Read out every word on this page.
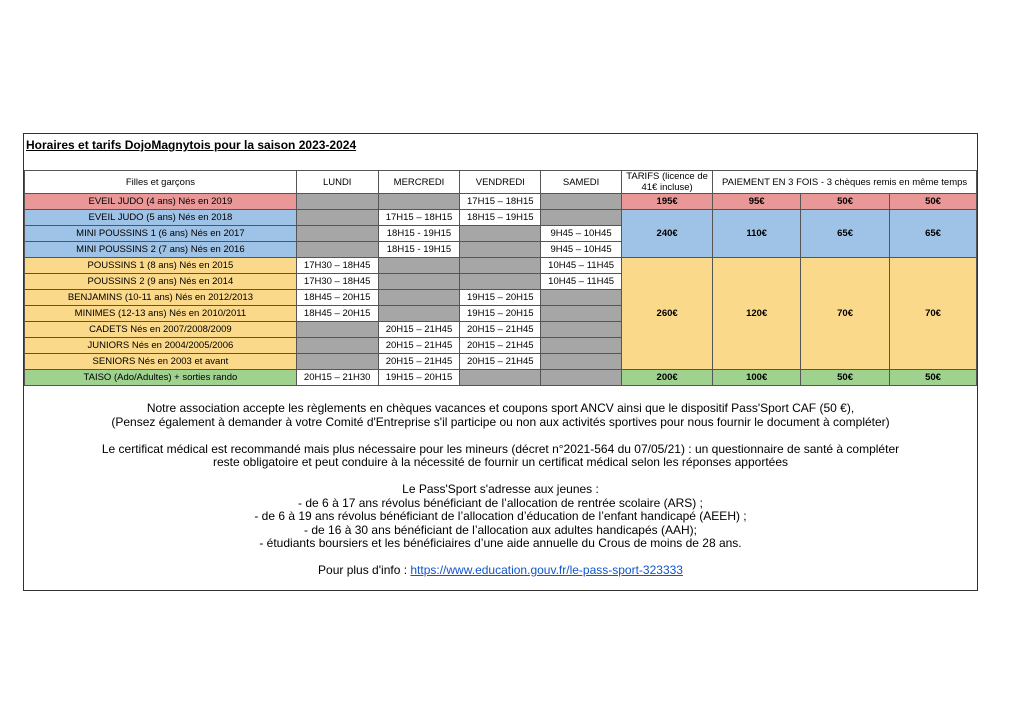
Horaires et tarifs DojoMagnytois pour la saison 2023-2024
Filles et garçons	LUNDI	MERCREDI	VENDREDI	SAMEDI	TARIFS (licence de 41€ incluse)	PAIEMENT EN 3 FOIS - 3 chèques remis en même temps		
EVEIL JUDO (4 ans) Nés en 2019			17H15 – 18H15		195€	95€	50€	50€
EVEIL JUDO (5 ans) Nés en 2018		17H15 – 18H15	18H15 – 19H15		240€	110€	65€	65€
MINI POUSSINS 1 (6 ans) Nés en 2017		18H15 - 19H15		9H45 – 10H45				
MINI POUSSINS 2 (7 ans) Nés en 2016		18H15 - 19H15		9H45 – 10H45				
POUSSINS 1 (8 ans) Nés en 2015	17H30 – 18H45			10H45 – 11H45	260€	120€	70€	70€
POUSSINS 2 (9 ans) Nés en 2014	17H30 – 18H45			10H45 – 11H45				
BENJAMINS (10-11 ans) Nés en 2012/2013	18H45 – 20H15		19H15 – 20H15					
MINIMES (12-13 ans) Nés en 2010/2011	18H45 – 20H15		19H15 – 20H15					
CADETS Nés en 2007/2008/2009		20H15 – 21H45	20H15 – 21H45					
JUNIORS Nés en 2004/2005/2006		20H15 – 21H45	20H15 – 21H45					
SENIORS Nés en 2003 et avant		20H15 – 21H45	20H15 – 21H45					
TAISO (Ado/Adultes) + sorties rando	20H15 – 21H30	19H15 – 20H15			200€	100€	50€	50€

Notre association accepte les règlements en chèques vacances et coupons sport ANCV ainsi que le dispositif Pass'Sport CAF (50 €),

(Pensez également à demander à votre Comité d'Entreprise s'il participe ou non aux activités sportives pour nous fournir le document à compléter)

Le certificat médical est recommandé mais plus nécessaire pour les mineurs (décret n°2021-564 du 07/05/21) : un questionnaire de santé à compléter

reste obligatoire et peut conduire à la nécessité de fournir un certificat médical selon les réponses apportées

Le Pass'Sport s'adresse aux jeunes :

- de 6 à 17 ans révolus bénéficiant de l’allocation de rentrée scolaire (ARS) ;

- de 6 à 19 ans révolus bénéficiant de l’allocation d’éducation de l’enfant handicapé (AEEH) ;

- de 16 à 30 ans bénéficiant de l’allocation aux adultes handicapés (AAH);

- étudiants boursiers et les bénéficiaires d’une aide annuelle du Crous de moins de 28 ans.

Pour plus d'info : https://www.education.gouv.fr/le-pass-sport-323333
